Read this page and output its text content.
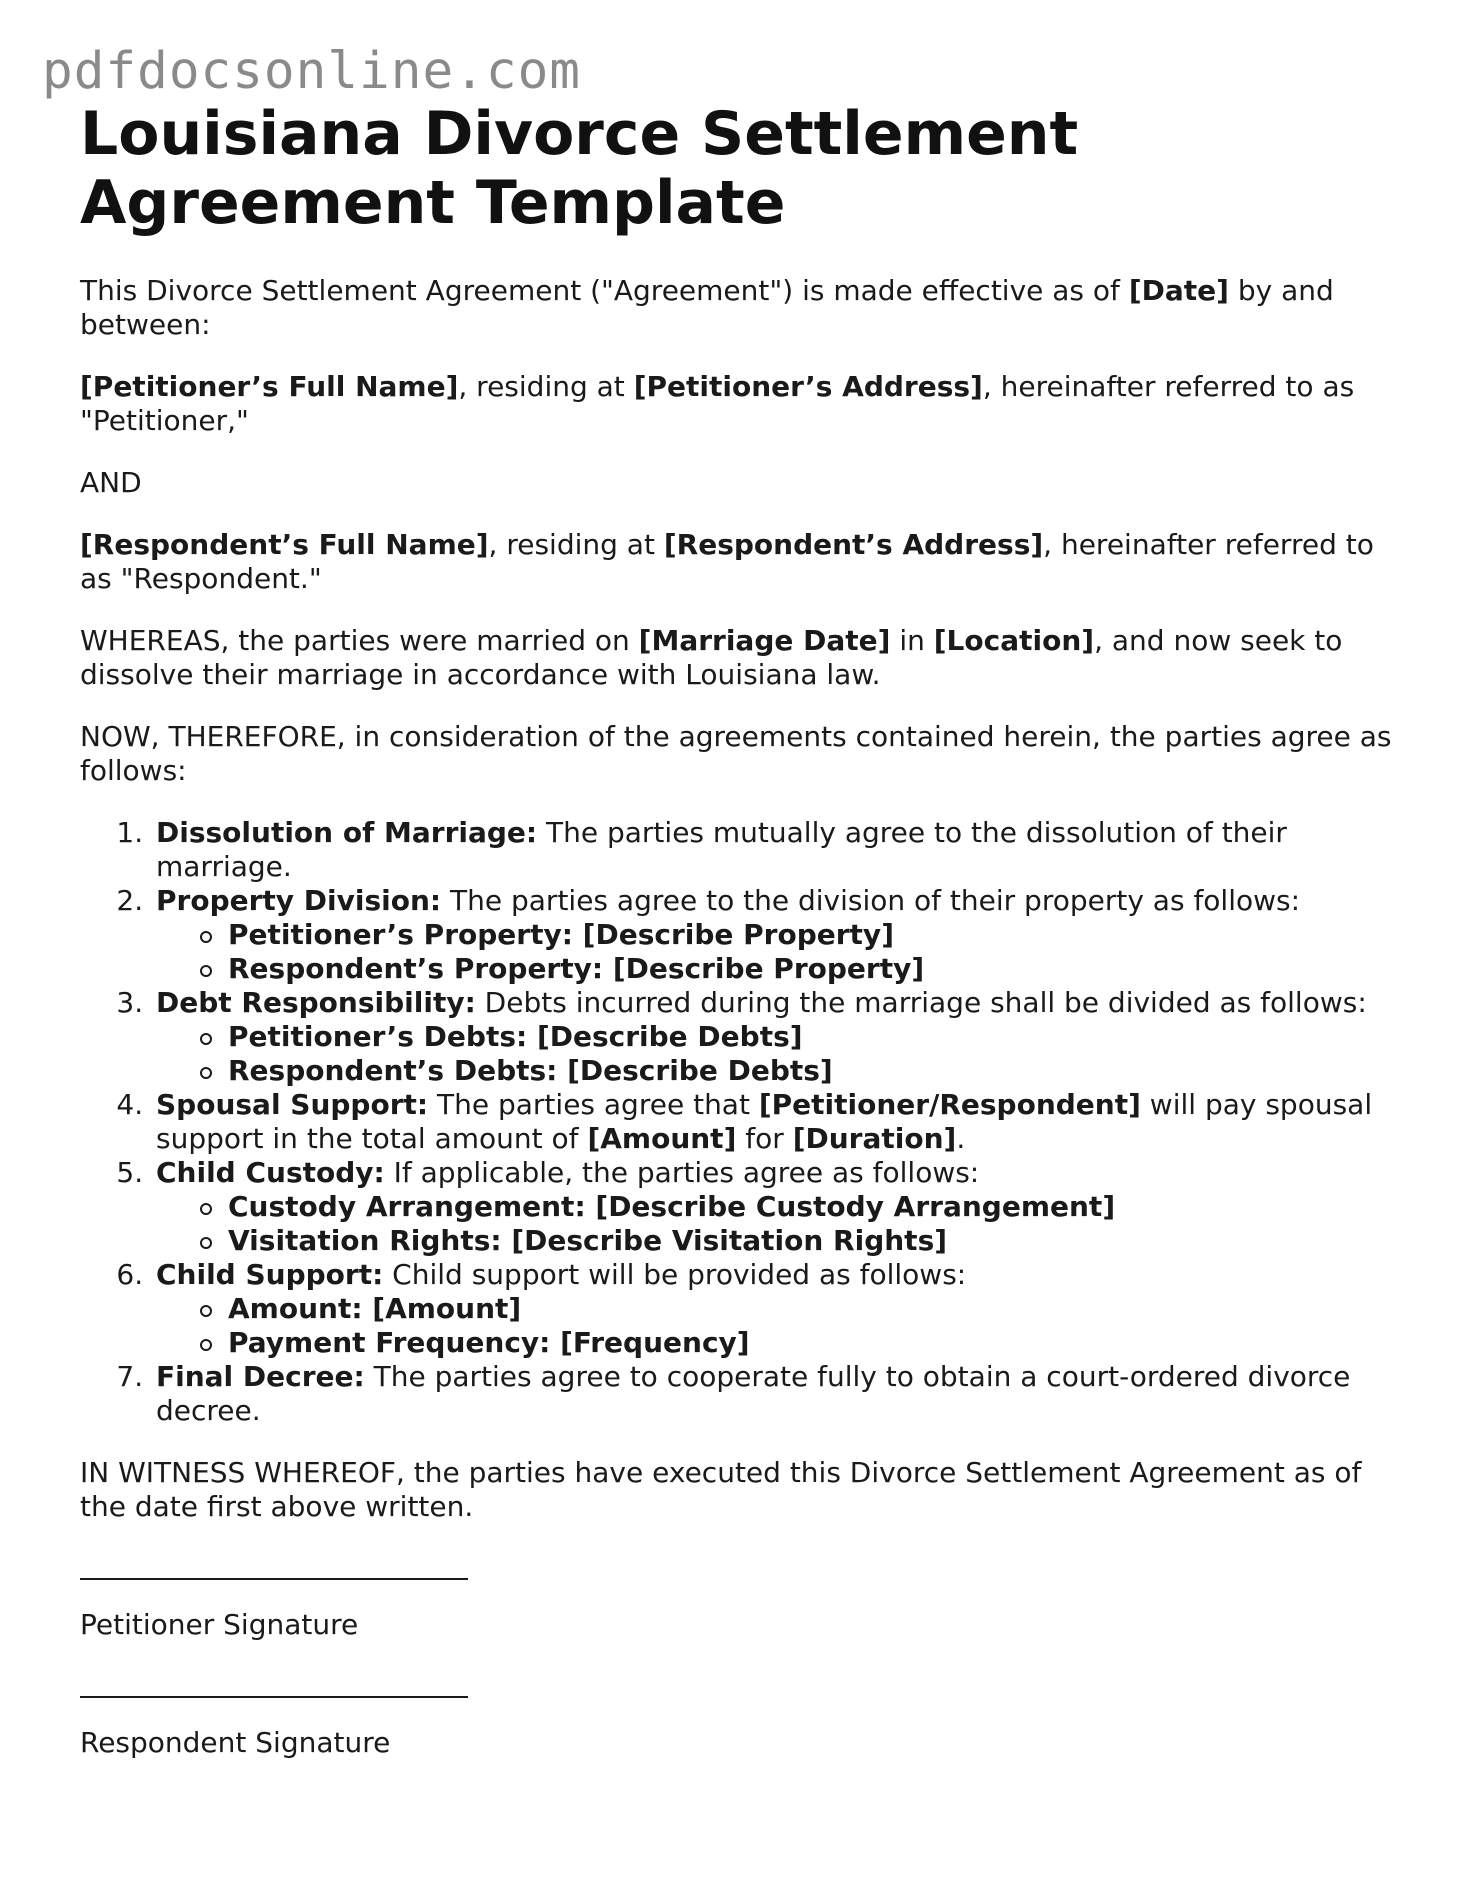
pdfdocsonline.com
Louisiana Divorce Settlement Agreement Template

This Divorce Settlement Agreement ("Agreement") is made effective as of [Date] by and between:

[Petitioner’s Full Name], residing at [Petitioner’s Address], hereinafter referred to as "Petitioner,"

AND

[Respondent’s Full Name], residing at [Respondent’s Address], hereinafter referred to as "Respondent."

WHEREAS, the parties were married on [Marriage Date] in [Location], and now seek to dissolve their marriage in accordance with Louisiana law.

NOW, THEREFORE, in consideration of the agreements contained herein, the parties agree as follows:

1. Dissolution of Marriage: The parties mutually agree to the dissolution of their marriage.
2. Property Division: The parties agree to the division of their property as follows:
Petitioner’s Property: [Describe Property]
Respondent’s Property: [Describe Property]
3. Debt Responsibility: Debts incurred during the marriage shall be divided as follows:
Petitioner’s Debts: [Describe Debts]
Respondent’s Debts: [Describe Debts]
4. Spousal Support: The parties agree that [Petitioner/Respondent] will pay spousal support in the total amount of [Amount] for [Duration].
5. Child Custody: If applicable, the parties agree as follows:
Custody Arrangement: [Describe Custody Arrangement]
Visitation Rights: [Describe Visitation Rights]
6. Child Support: Child support will be provided as follows:
Amount: [Amount]
Payment Frequency: [Frequency]
7. Final Decree: The parties agree to cooperate fully to obtain a court-ordered divorce decree.

IN WITNESS WHEREOF, the parties have executed this Divorce Settlement Agreement as of the date first above written.

Petitioner Signature

Respondent Signature
